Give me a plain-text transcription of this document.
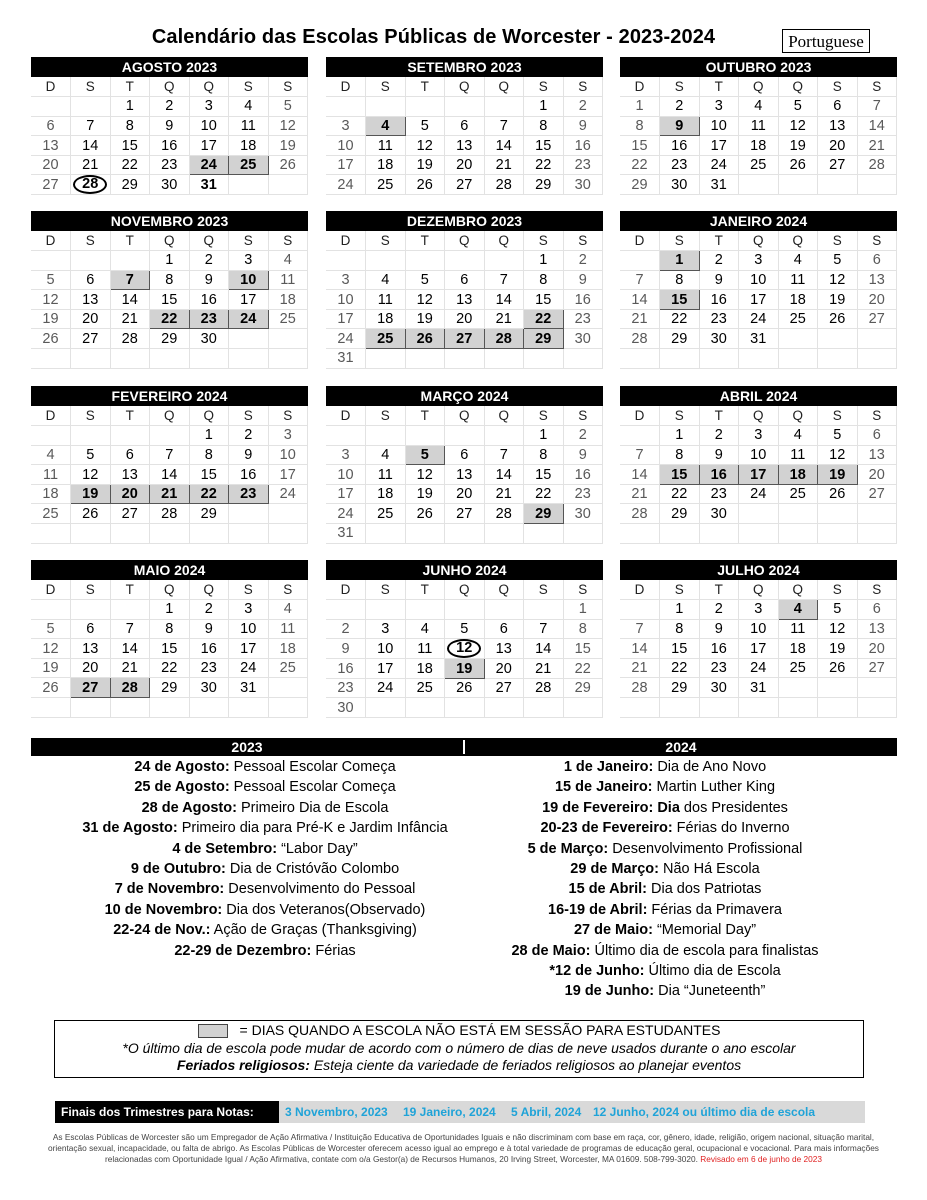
Calendário das Escolas Públicas de Worcester - 2023-2024	Portuguese
AGOSTO 2023
D	S	T	Q	Q	S	S
		1	2	3	4	5
6	7	8	9	10	11	12
13	14	15	16	17	18	19
20	21	22	23	24	25	26
27	28	29	30	31		
SETEMBRO 2023
D	S	T	Q	Q	S	S
					1	2
3	4	5	6	7	8	9
10	11	12	13	14	15	16
17	18	19	20	21	22	23
24	25	26	27	28	29	30
OUTUBRO 2023
D	S	T	Q	Q	S	S
1	2	3	4	5	6	7
8	9	10	11	12	13	14
15	16	17	18	19	20	21
22	23	24	25	26	27	28
29	30	31				
NOVEMBRO 2023
D	S	T	Q	Q	S	S
			1	2	3	4
5	6	7	8	9	10	11
12	13	14	15	16	17	18
19	20	21	22	23	24	25
26	27	28	29	30		

DEZEMBRO 2023
D	S	T	Q	Q	S	S
					1	2
3	4	5	6	7	8	9
10	11	12	13	14	15	16
17	18	19	20	21	22	23
24	25	26	27	28	29	30
31						
JANEIRO 2024
D	S	T	Q	Q	S	S
	1	2	3	4	5	6
7	8	9	10	11	12	13
14	15	16	17	18	19	20
21	22	23	24	25	26	27
28	29	30	31			

FEVEREIRO 2024
D	S	T	Q	Q	S	S
				1	2	3
4	5	6	7	8	9	10
11	12	13	14	15	16	17
18	19	20	21	22	23	24
25	26	27	28	29		

MARÇO 2024
D	S	T	Q	Q	S	S
					1	2
3	4	5	6	7	8	9
10	11	12	13	14	15	16
17	18	19	20	21	22	23
24	25	26	27	28	29	30
31						
ABRIL 2024
D	S	T	Q	Q	S	S
	1	2	3	4	5	6
7	8	9	10	11	12	13
14	15	16	17	18	19	20
21	22	23	24	25	26	27
28	29	30				

MAIO 2024
D	S	T	Q	Q	S	S
			1	2	3	4
5	6	7	8	9	10	11
12	13	14	15	16	17	18
19	20	21	22	23	24	25
26	27	28	29	30	31	

JUNHO 2024
D	S	T	Q	Q	S	S
						1
2	3	4	5	6	7	8
9	10	11	12	13	14	15
16	17	18	19	20	21	22
23	24	25	26	27	28	29
30						
JULHO 2024
D	S	T	Q	Q	S	S
	1	2	3	4	5	6
7	8	9	10	11	12	13
14	15	16	17	18	19	20
21	22	23	24	25	26	27
28	29	30	31			

2023	2024
24 de Agosto: Pessoal Escolar Começa
25 de Agosto: Pessoal Escolar Começa
28 de Agosto: Primeiro Dia de Escola
31 de Agosto: Primeiro dia para Pré-K e Jardim Infância
4 de Setembro: “Labor Day”
9 de Outubro: Dia de Cristóvão Colombo
7 de Novembro: Desenvolvimento do Pessoal
10 de Novembro: Dia dos Veteranos(Observado)
22-24 de Nov.: Ação de Graças (Thanksgiving)
22-29 de Dezembro: Férias
1 de Janeiro: Dia de Ano Novo
15 de Janeiro: Martin Luther King
19 de Fevereiro: Dia dos Presidentes
20-23 de Fevereiro: Férias do Inverno
5 de Março: Desenvolvimento Profissional
29 de Março: Não Há Escola
15 de Abril: Dia dos Patriotas
16-19 de Abril: Férias da Primavera
27 de Maio: “Memorial Day”
28 de Maio: Último dia de escola para finalistas
*12 de Junho: Último dia de Escola
19 de Junho: Dia “Juneteenth”
= DIAS QUANDO A ESCOLA NÃO ESTÁ EM SESSÃO PARA ESTUDANTES
*O último dia de escola pode mudar de acordo com o número de dias de neve usados durante o ano escolar
Feriados religiosos: Esteja ciente da variedade de feriados religiosos ao planejar eventos
Finais dos Trimestres para Notas:	3 Novembro, 2023 19 Janeiro, 2024 5 Abril, 2024 12 Junho, 2024 ou último dia de escola
As Escolas Públicas de Worcester são um Empregador de Ação Afirmativa / Instituição Educativa de Oportunidades Iguais e não discriminam com base em raça, cor, gênero, idade, religião, origem nacional, situação marital, orientação sexual, incapacidade, ou falta de abrigo. As Escolas Públicas de Worcester oferecem acesso igual ao emprego e à total variedade de programas de educação geral, ocupacional e vocacional. Para mais informações relacionadas com Oportunidade Igual / Ação Afirmativa, contate com o/a Gestor(a) de Recursos Humanos, 20 Irving Street, Worcester, MA 01609. 508-799-3020. Revisado em 6 de junho de 2023
